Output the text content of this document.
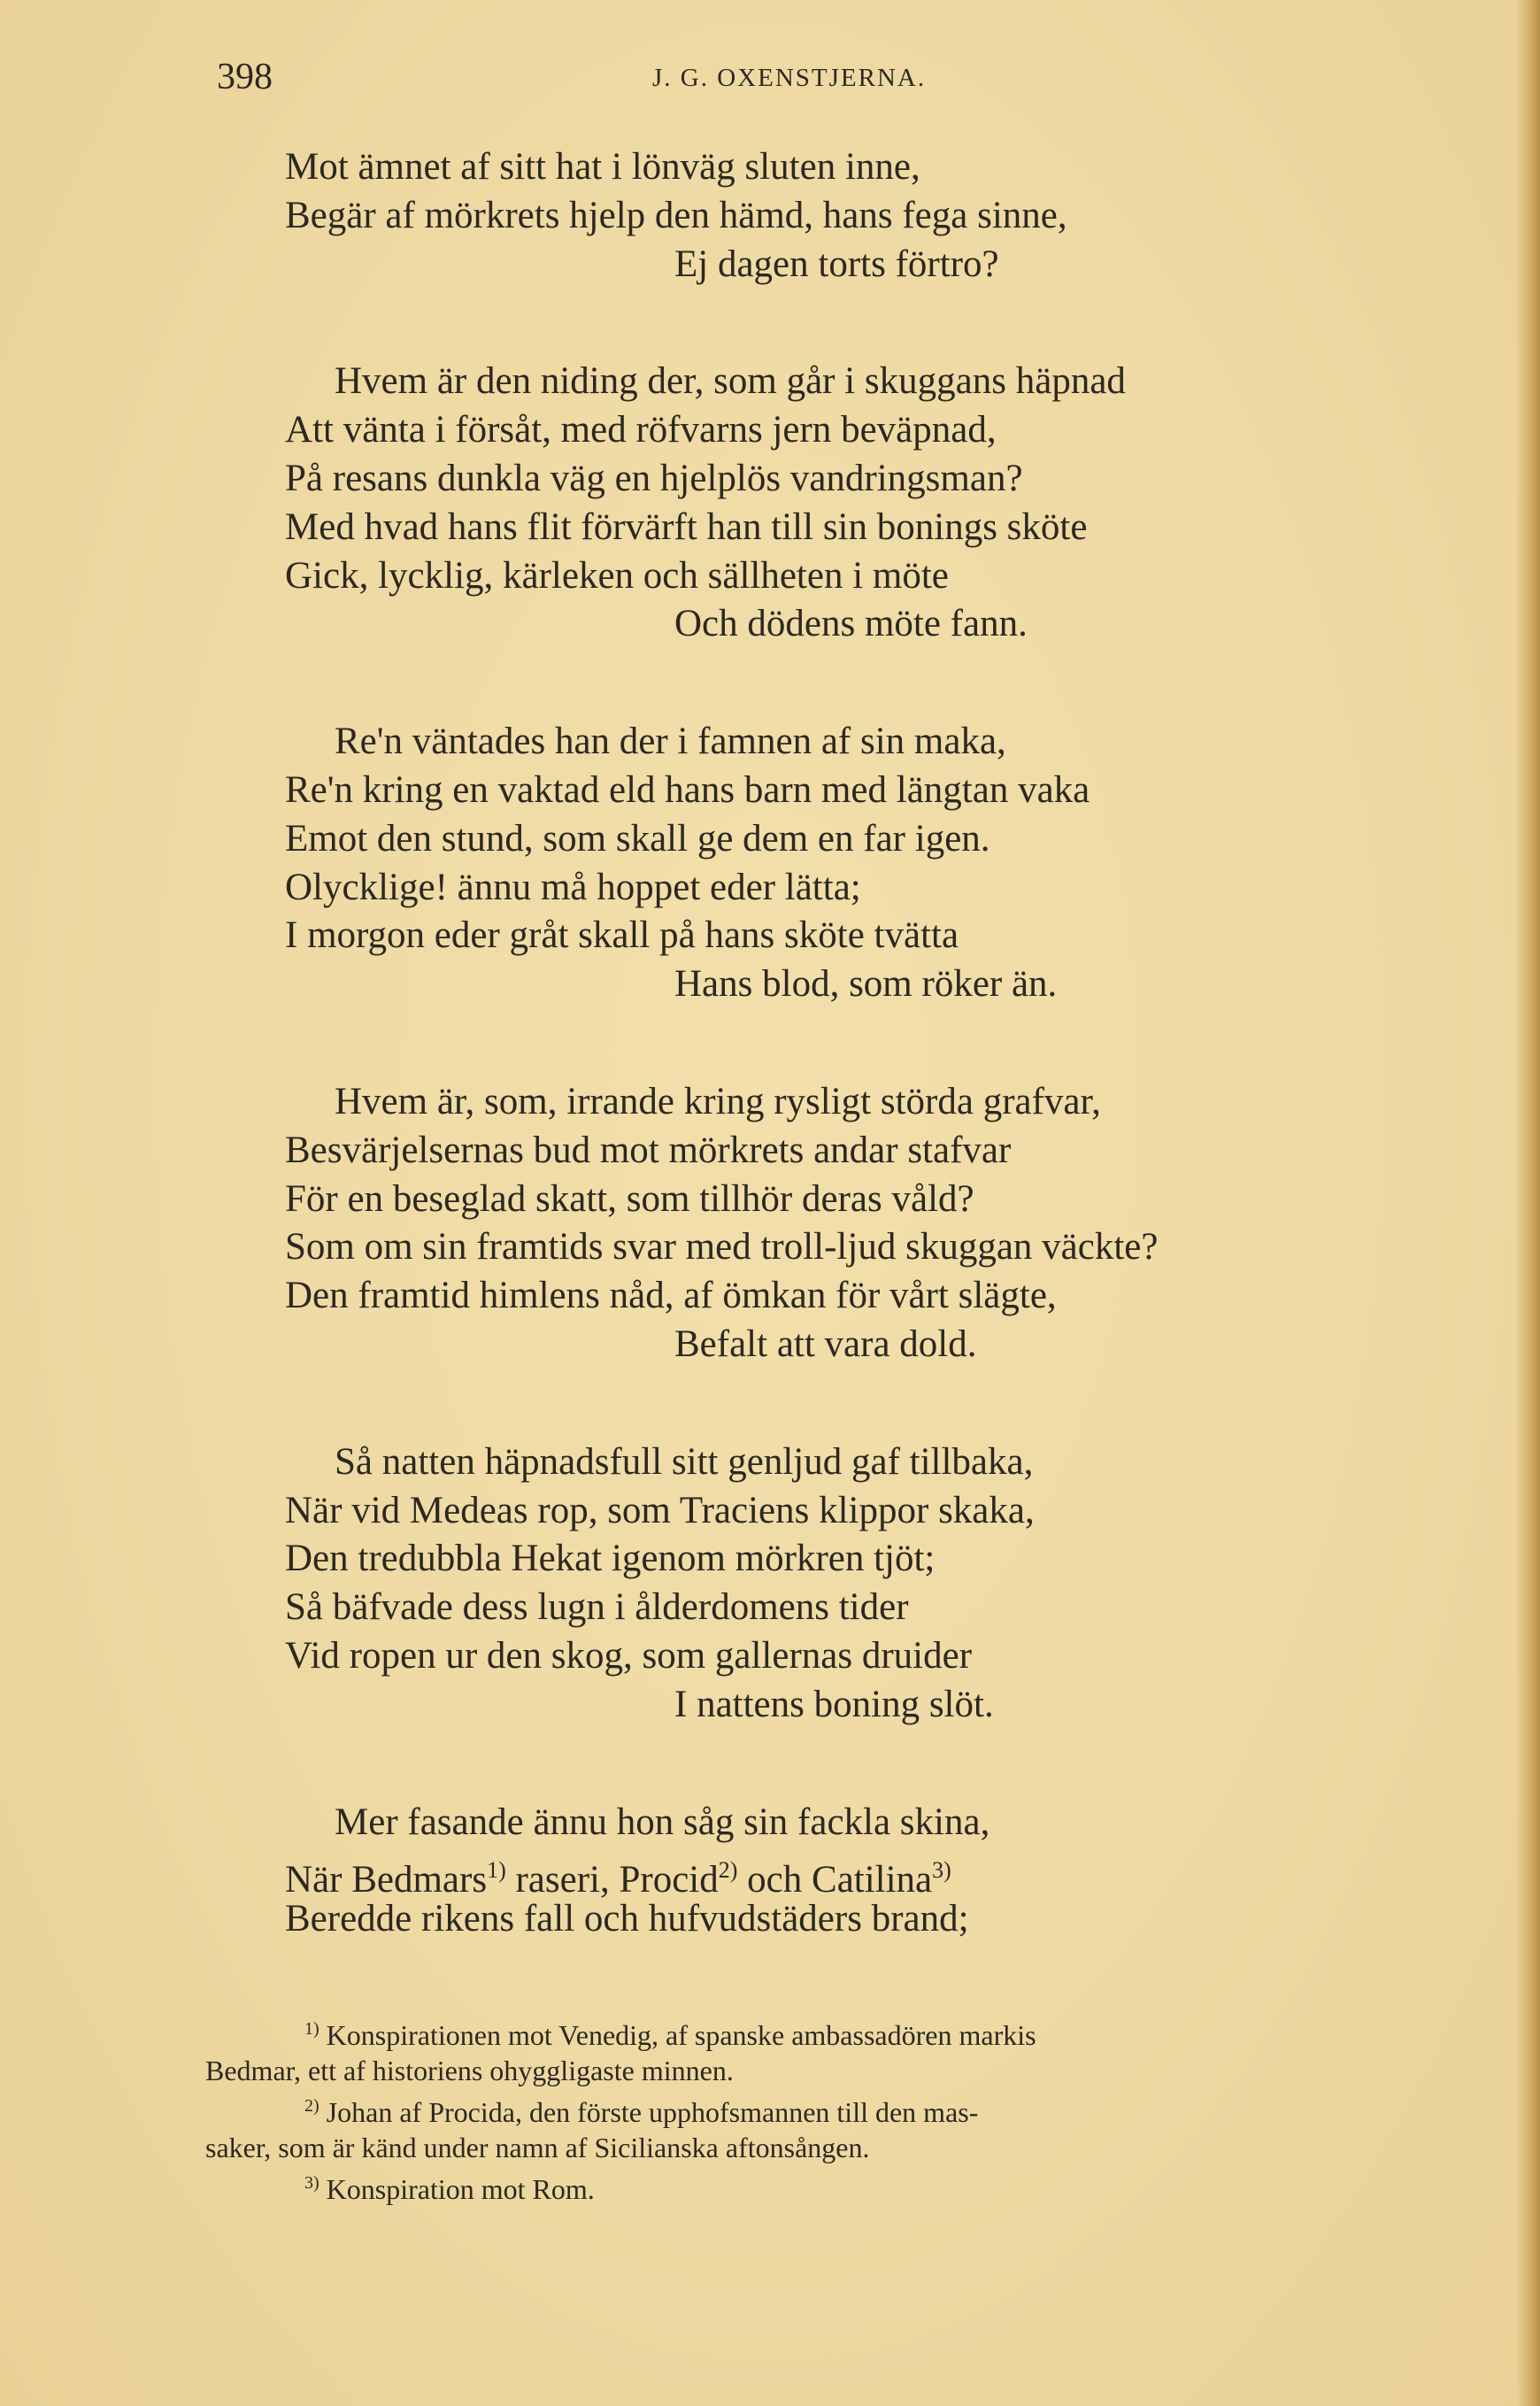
398	J. G. OXENSTJERNA.
Mot ämnet af sitt hat i lönväg sluten inne,
Begär af mörkrets hjelp den hämd, hans fega sinne,
Ej dagen torts förtro?
Hvem är den niding der, som går i skuggans häpnad
Att vänta i försåt, med röfvarns jern beväpnad,
På resans dunkla väg en hjelplös vandringsman?
Med hvad hans flit förvärft han till sin bonings sköte
Gick, lycklig, kärleken och sällheten i möte
Och dödens möte fann.
Re'n väntades han der i famnen af sin maka,
Re'n kring en vaktad eld hans barn med längtan vaka
Emot den stund, som skall ge dem en far igen.
Olycklige! ännu må hoppet eder lätta;
I morgon eder gråt skall på hans sköte tvätta
Hans blod, som röker än.
Hvem är, som, irrande kring rysligt störda grafvar,
Besvärjelsernas bud mot mörkrets andar stafvar
För en beseglad skatt, som tillhör deras våld?
Som om sin framtids svar med troll-ljud skuggan väckte?
Den framtid himlens nåd, af ömkan för vårt slägte,
Befalt att vara dold.
Så natten häpnadsfull sitt genljud gaf tillbaka,
När vid Medeas rop, som Traciens klippor skaka,
Den tredubbla Hekat igenom mörkren tjöt;
Så bäfvade dess lugn i ålderdomens tider
Vid ropen ur den skog, som gallernas druider
I nattens boning slöt.
Mer fasande ännu hon såg sin fackla skina,
När Bedmars$^{1)}$ raseri, Procid$^{2)}$ och Catilina$^{3)}$
Beredde rikens fall och hufvudstäders brand;
$^{1)}$ Konspirationen mot Venedig, af spanske ambassadören markis
Bedmar, ett af historiens ohyggligaste minnen.
$^{2)}$ Johan af Procida, den förste upphofsmannen till den mas-
saker, som är känd under namn af Sicilianska aftonsången.
$^{3)}$ Konspiration mot Rom.
